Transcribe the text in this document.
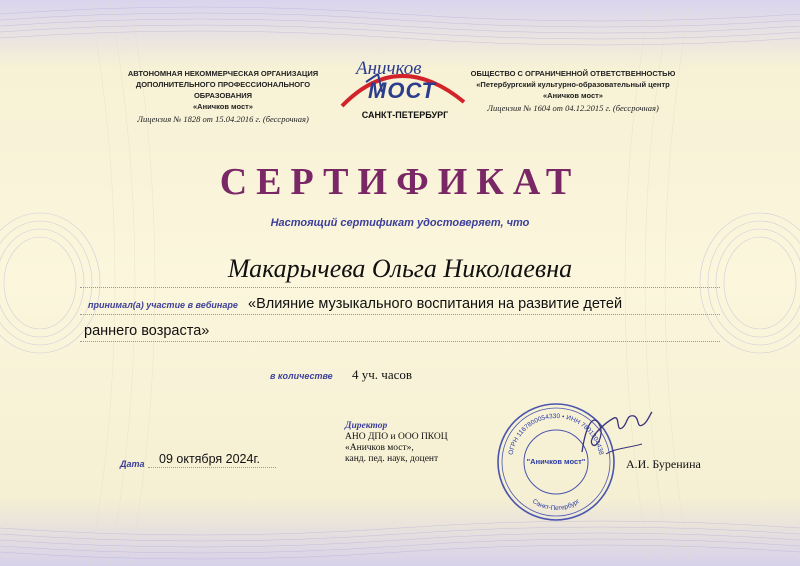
АВТОНОМНАЯ НЕКОММЕРЧЕСКАЯ ОРГАНИЗАЦИЯ
ДОПОЛНИТЕЛЬНОГО ПРОФЕССИОНАЛЬНОГО ОБРАЗОВАНИЯ
«Аничков мост»
Лицензия № 1828 от 15.04.2016 г. (бессрочная)
Аничков
МОСТ
САНКТ-ПЕТЕРБУРГ
ОБЩЕСТВО С ОГРАНИЧЕННОЙ ОТВЕТСТВЕННОСТЬЮ
«Петербургский культурно-образовательный центр
«Аничков мост»
Лицензия № 1604 от 04.12.2015 г. (бессрочная)
СЕРТИФИКАТ
Настоящий сертификат удостоверяет, что
Макарычева Ольга Николаевна
принимал(а) участие в вебинаре «Влияние музыкального воспитания на развитие детей
раннего возраста»
в количестве 4 уч. часов
Дата 09 октября 2024г.
Директор
АНО ДПО и ООО ПКОЦ
«Аничков мост»,
канд. пед. наук, доцент
ОГРН 1167800054330 • ИНН 7801304438
Санкт-Петербург
"Аничков мост"	А.И. Буренина
